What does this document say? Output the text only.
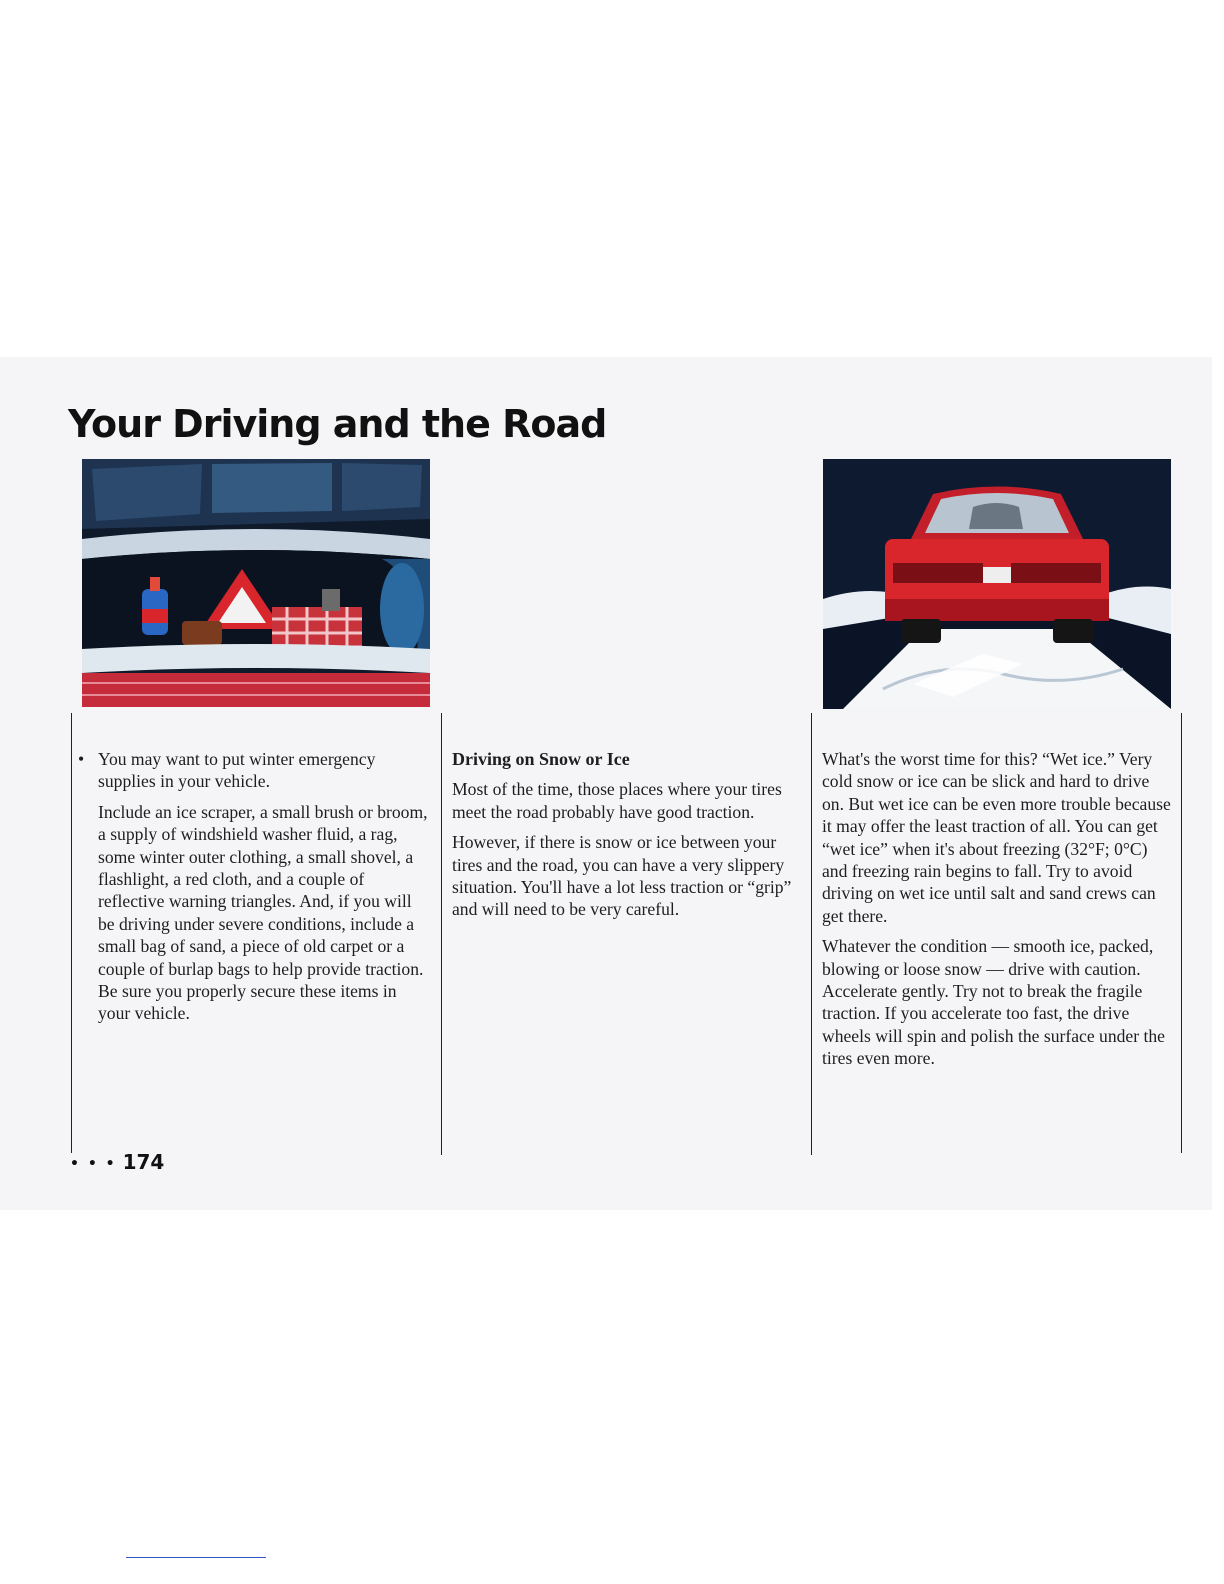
Your Driving and the Road

• You may want to put winter emergency supplies in your vehicle.

Include an ice scraper, a small brush or broom, a supply of windshield washer fluid, a rag, some winter outer clothing, a small shovel, a flashlight, a red cloth, and a couple of reflective warning triangles. And, if you will be driving under severe conditions, include a small bag of sand, a piece of old carpet or a couple of burlap bags to help provide traction. Be sure you properly secure these items in your vehicle.

Driving on Snow or Ice

Most of the time, those places where your tires meet the road probably have good traction.

However, if there is snow or ice between your tires and the road, you can have a very slippery situation. You'll have a lot less traction or “grip” and will need to be very careful.

What's the worst time for this? “Wet ice.” Very cold snow or ice can be slick and hard to drive on. But wet ice can be even more trouble because it may offer the least traction of all. You can get “wet ice” when it's about freezing (32°F; 0°C) and freezing rain begins to fall. Try to avoid driving on wet ice until salt and sand crews can get there.

Whatever the condition — smooth ice, packed, blowing or loose snow — drive with caution. Accelerate gently. Try not to break the fragile traction. If you accelerate too fast, the drive wheels will spin and polish the surface under the tires even more.

• • • 174
